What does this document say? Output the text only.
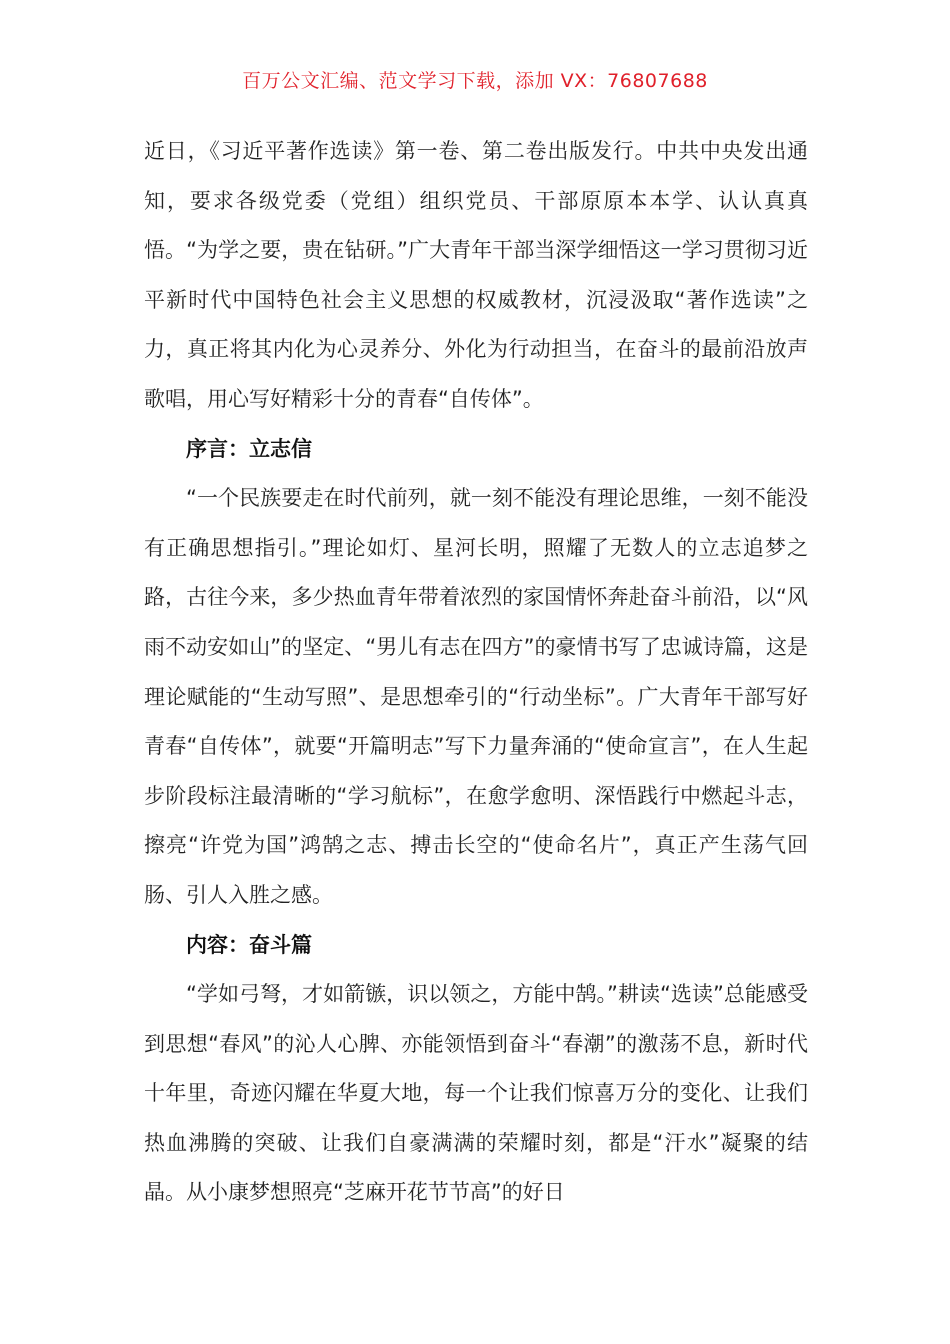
百万公文汇编、范文学习下载，添加 VX：76807688

近日，《习近平著作选读》第一卷、第二卷出版发行。中共中央发出通知，要求各级党委（党组）组织党员、干部原原本本学、认认真真悟。“为学之要，贵在钻研。”广大青年干部当深学细悟这一学习贯彻习近平新时代中国特色社会主义思想的权威教材，沉浸汲取“著作选读”之力，真正将其内化为心灵养分、外化为行动担当，在奋斗的最前沿放声歌唱，用心写好精彩十分的青春“自传体”。

序言：立志信

“一个民族要走在时代前列，就一刻不能没有理论思维，一刻不能没有正确思想指引。”理论如灯、星河长明，照耀了无数人的立志追梦之路，古往今来，多少热血青年带着浓烈的家国情怀奔赴奋斗前沿，以“风雨不动安如山”的坚定、“男儿有志在四方”的豪情书写了忠诚诗篇，这是理论赋能的“生动写照”、是思想牵引的“行动坐标”。广大青年干部写好青春“自传体”，就要“开篇明志”写下力量奔涌的“使命宣言”，在人生起步阶段标注最清晰的“学习航标”，在愈学愈明、深悟践行中燃起斗志，擦亮“许党为国”鸿鹄之志、搏击长空的“使命名片”，真正产生荡气回肠、引人入胜之感。

内容：奋斗篇

“学如弓弩，才如箭镞，识以领之，方能中鹄。”耕读“选读”总能感受到思想“春风”的沁人心脾、亦能领悟到奋斗“春潮”的激荡不息，新时代十年里，奇迹闪耀在华夏大地，每一个让我们惊喜万分的变化、让我们热血沸腾的突破、让我们自豪满满的荣耀时刻，都是“汗水”凝聚的结晶。从小康梦想照亮“芝麻开花节节高”的好日
